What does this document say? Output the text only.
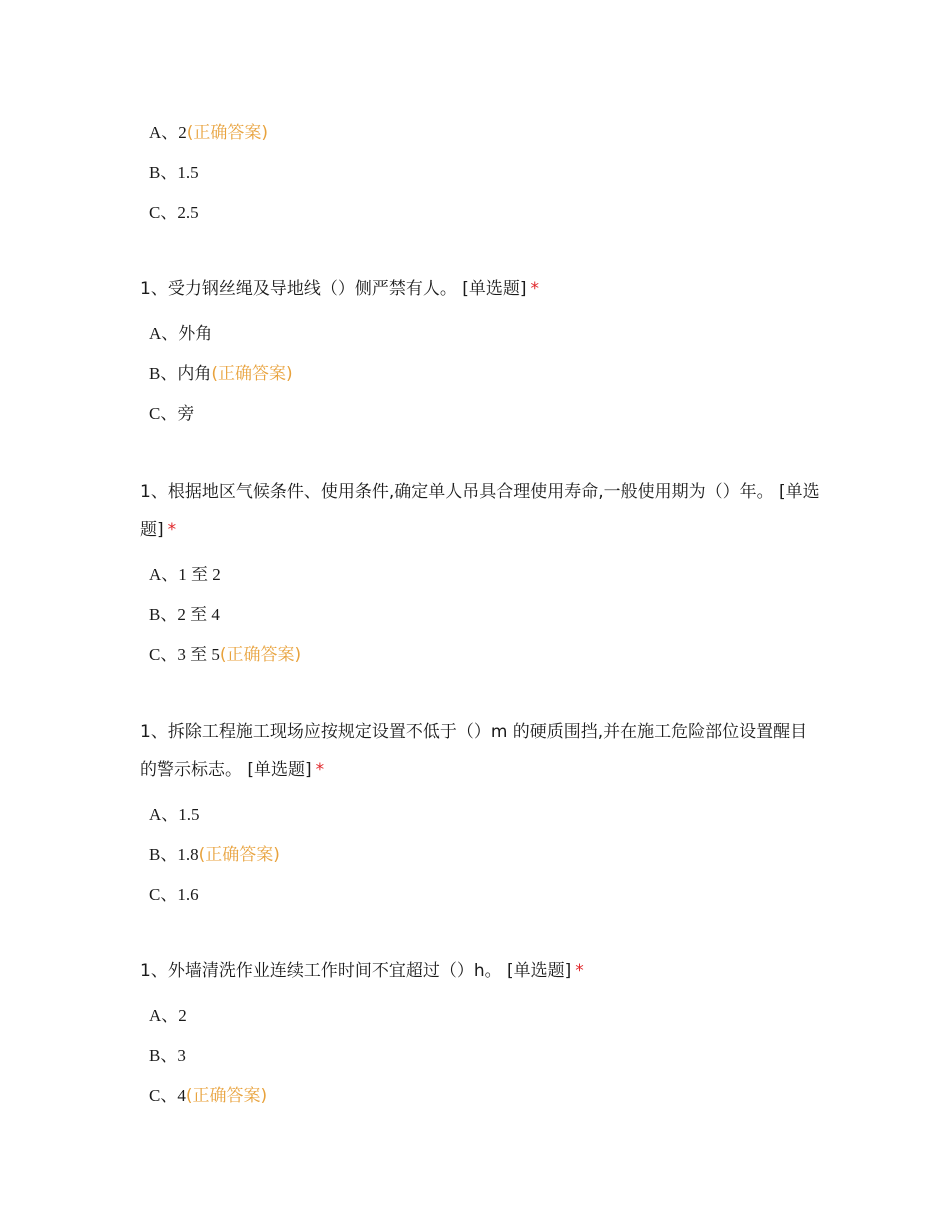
A、2(正确答案)

B、1.5

C、2.5

1、受力钢丝绳及导地线（）侧严禁有人。 [单选题] *

A、外角

B、内角(正确答案)

C、旁

1、根据地区气候条件、使用条件,确定单人吊具合理使用寿命,一般使用期为（）年。 [单选题] *

A、1 至 2

B、2 至 4

C、3 至 5(正确答案)

1、拆除工程施工现场应按规定设置不低于（）m 的硬质围挡,并在施工危险部位设置醒目的警示标志。 [单选题] *

A、1.5

B、1.8(正确答案)

C、1.6

1、外墙清洗作业连续工作时间不宜超过（）h。 [单选题] *

A、2

B、3

C、4(正确答案)
